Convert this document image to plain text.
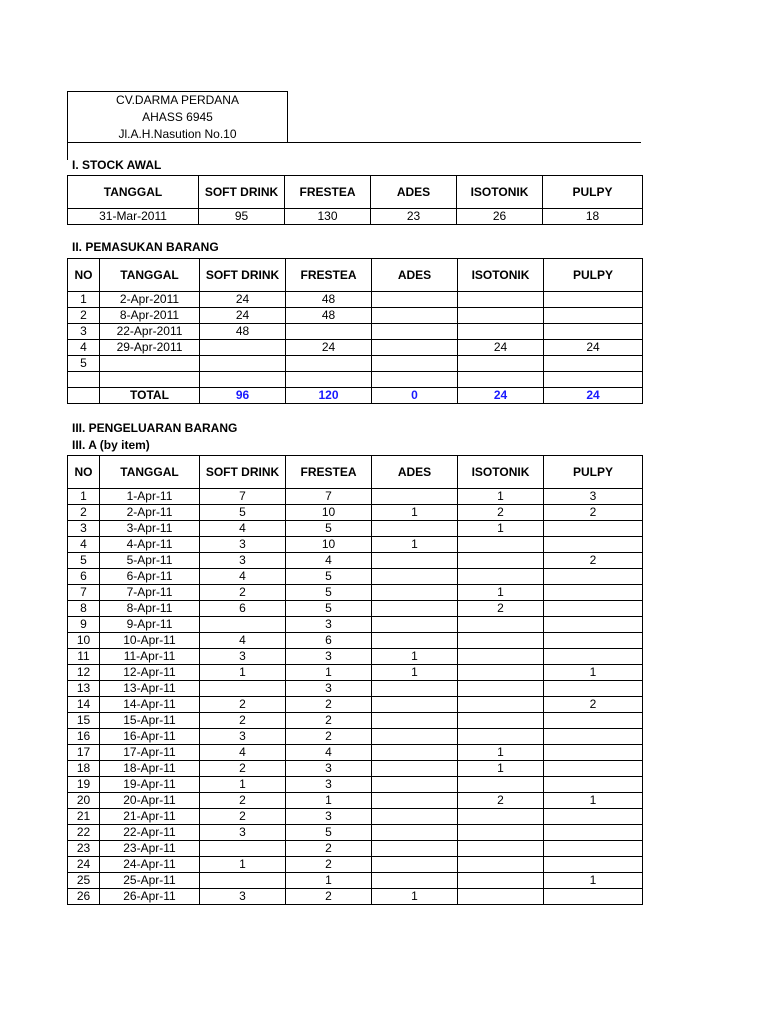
CV.DARMA PERDANA
AHASS 6945
Jl.A.H.Nasution No.10
I. STOCK AWAL
TANGGAL	SOFT DRINK	FRESTEA	ADES	ISOTONIK	PULPY
31-Mar-2011	95	130	23	26	18
II. PEMASUKAN BARANG
NO	TANGGAL	SOFT DRINK	FRESTEA	ADES	ISOTONIK	PULPY
1	2-Apr-2011	24	48			
2	8-Apr-2011	24	48			
3	22-Apr-2011	48				
4	29-Apr-2011		24		24	24
5						

	TOTAL	96	120	0	24	24
III. PENGELUARAN BARANG
III. A (by item)
NO	TANGGAL	SOFT DRINK	FRESTEA	ADES	ISOTONIK	PULPY
1	1-Apr-11	7	7		1	3
2	2-Apr-11	5	10	1	2	2
3	3-Apr-11	4	5		1	
4	4-Apr-11	3	10	1		
5	5-Apr-11	3	4			2
6	6-Apr-11	4	5			
7	7-Apr-11	2	5		1	
8	8-Apr-11	6	5		2	
9	9-Apr-11		3			
10	10-Apr-11	4	6			
11	11-Apr-11	3	3	1		
12	12-Apr-11	1	1	1		1
13	13-Apr-11		3			
14	14-Apr-11	2	2			2
15	15-Apr-11	2	2			
16	16-Apr-11	3	2			
17	17-Apr-11	4	4		1	
18	18-Apr-11	2	3		1	
19	19-Apr-11	1	3			
20	20-Apr-11	2	1		2	1
21	21-Apr-11	2	3			
22	22-Apr-11	3	5			
23	23-Apr-11		2			
24	24-Apr-11	1	2			
25	25-Apr-11		1			1
26	26-Apr-11	3	2	1		
